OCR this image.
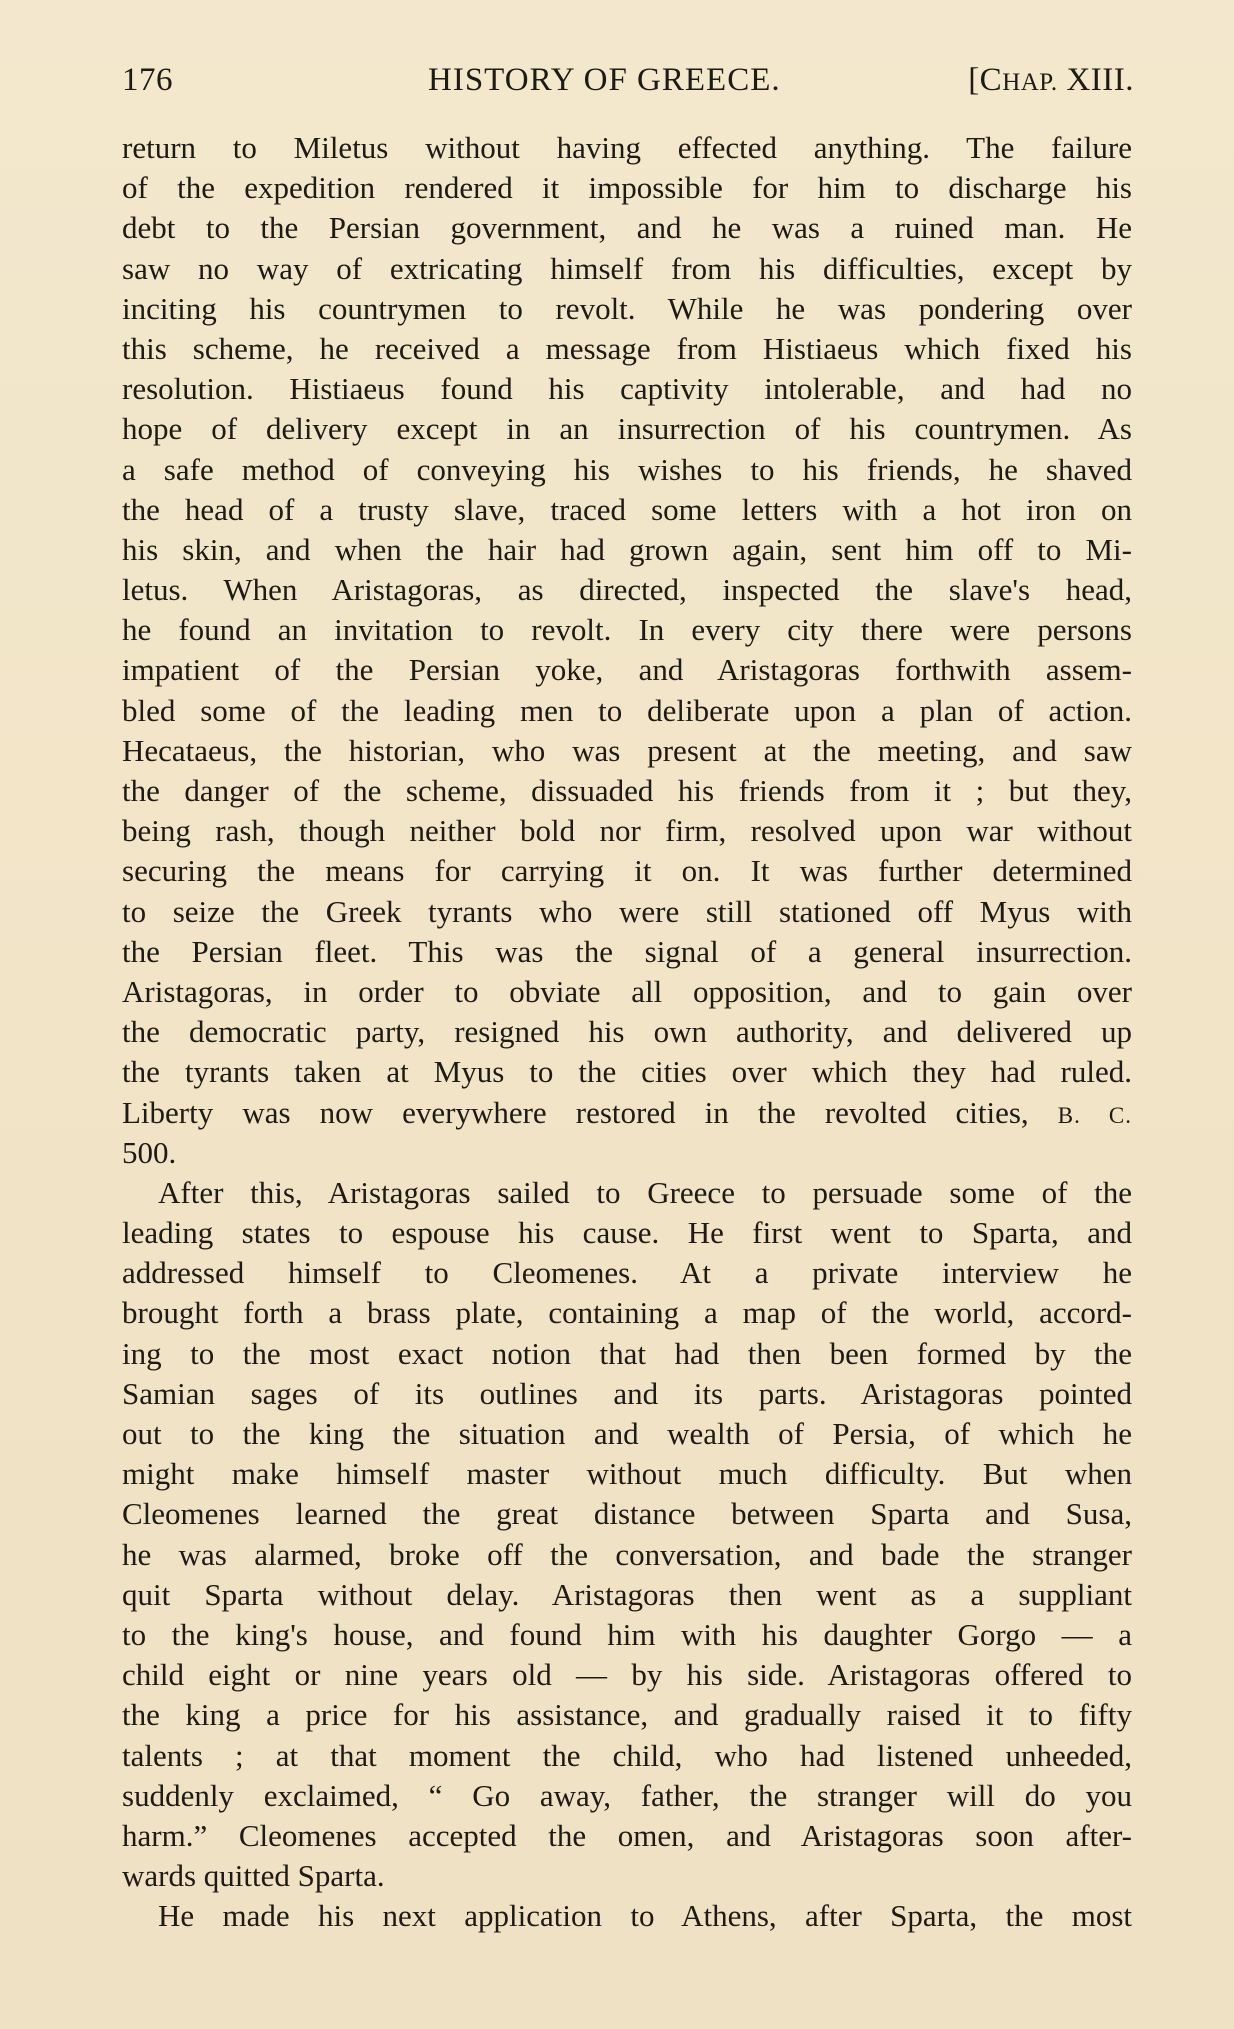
176	HISTORY OF GREECE.	[CHAP. XIII.
return to Miletus without having effected anything. The failure
of the expedition rendered it impossible for him to discharge his
debt to the Persian government, and he was a ruined man. He
saw no way of extricating himself from his difficulties, except by
inciting his countrymen to revolt. While he was pondering over
this scheme, he received a message from Histiaeus which fixed his
resolution. Histiaeus found his captivity intolerable, and had no
hope of delivery except in an insurrection of his countrymen. As
a safe method of conveying his wishes to his friends, he shaved
the head of a trusty slave, traced some letters with a hot iron on
his skin, and when the hair had grown again, sent him off to Mi-
letus. When Aristagoras, as directed, inspected the slave's head,
he found an invitation to revolt. In every city there were persons
impatient of the Persian yoke, and Aristagoras forthwith assem-
bled some of the leading men to deliberate upon a plan of action.
Hecataeus, the historian, who was present at the meeting, and saw
the danger of the scheme, dissuaded his friends from it ; but they,
being rash, though neither bold nor firm, resolved upon war without
securing the means for carrying it on. It was further determined
to seize the Greek tyrants who were still stationed off Myus with
the Persian fleet. This was the signal of a general insurrection.
Aristagoras, in order to obviate all opposition, and to gain over
the democratic party, resigned his own authority, and delivered up
the tyrants taken at Myus to the cities over which they had ruled.
Liberty was now everywhere restored in the revolted cities, B. C.
500.
After this, Aristagoras sailed to Greece to persuade some of the
leading states to espouse his cause. He first went to Sparta, and
addressed himself to Cleomenes. At a private interview he
brought forth a brass plate, containing a map of the world, accord-
ing to the most exact notion that had then been formed by the
Samian sages of its outlines and its parts. Aristagoras pointed
out to the king the situation and wealth of Persia, of which he
might make himself master without much difficulty. But when
Cleomenes learned the great distance between Sparta and Susa,
he was alarmed, broke off the conversation, and bade the stranger
quit Sparta without delay. Aristagoras then went as a suppliant
to the king's house, and found him with his daughter Gorgo — a
child eight or nine years old — by his side. Aristagoras offered to
the king a price for his assistance, and gradually raised it to fifty
talents ; at that moment the child, who had listened unheeded,
suddenly exclaimed, “ Go away, father, the stranger will do you
harm.” Cleomenes accepted the omen, and Aristagoras soon after-
wards quitted Sparta.
He made his next application to Athens, after Sparta, the most
